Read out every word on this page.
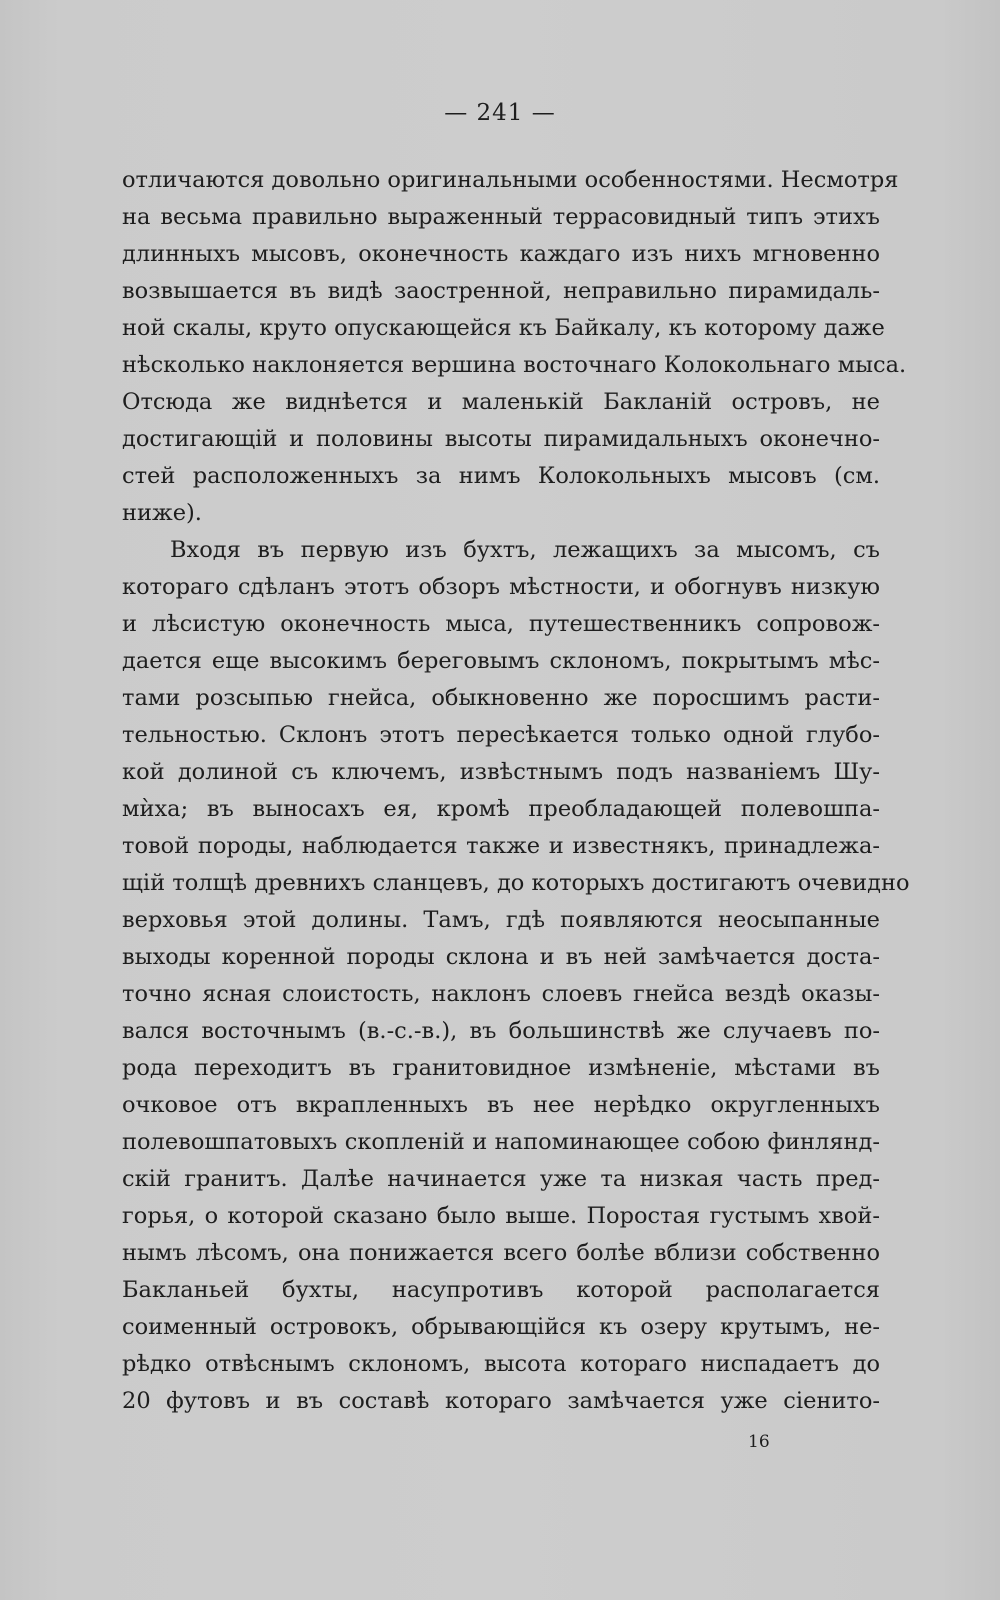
— 241 —
отличаются довольно оригинальными особенностями. Несмотря
на весьма правильно выраженный террасовидный типъ этихъ
длинныхъ мысовъ, оконечность каждаго изъ нихъ мгновенно
возвышается въ видѣ заостренной, неправильно пирамидаль-
ной скалы, круто опускающейся къ Байкалу, къ которому даже
нѣсколько наклоняется вершина восточнаго Колокольнаго мыса.
Отсюда же виднѣется и маленькій Бакланій островъ, не
достигающій и половины высоты пирамидальныхъ оконечно-
стей расположенныхъ за нимъ Колокольныхъ мысовъ (см.
ниже).
Входя въ первую изъ бухтъ, лежащихъ за мысомъ, съ
котораго сдѣланъ этотъ обзоръ мѣстности, и обогнувъ низкую
и лѣсистую оконечность мыса, путешественникъ сопровож-
дается еще высокимъ береговымъ склономъ, покрытымъ мѣс-
тами розсыпью гнейса, обыкновенно же поросшимъ расти-
тельностью. Склонъ этотъ пересѣкается только одной глубо-
кой долиной съ ключемъ, извѣстнымъ подъ названіемъ Шу-
мѝха; въ выносахъ ея, кромѣ преобладающей полевошпа-
товой породы, наблюдается также и известнякъ, принадлежа-
щій толщѣ древнихъ сланцевъ, до которыхъ достигаютъ очевидно
верховья этой долины. Тамъ, гдѣ появляются неосыпанные
выходы коренной породы склона и въ ней замѣчается доста-
точно ясная слоистость, наклонъ слоевъ гнейса вездѣ оказы-
вался восточнымъ (в.-с.-в.), въ большинствѣ же случаевъ по-
рода переходитъ въ гранитовидное измѣненіе, мѣстами въ
очковое отъ вкрапленныхъ въ нее нерѣдко округленныхъ
полевошпатовыхъ скопленій и напоминающее собою финлянд-
скій гранитъ. Далѣе начинается уже та низкая часть пред-
горья, о которой сказано было выше. Поростая густымъ хвой-
нымъ лѣсомъ, она понижается всего болѣе вблизи собственно
Бакланьей бухты, насупротивъ которой располагается
соименный островокъ, обрывающійся къ озеру крутымъ, не-
рѣдко отвѣснымъ склономъ, высота котораго ниспадаетъ до
20 футовъ и въ составѣ котораго замѣчается уже сіенито-
16
